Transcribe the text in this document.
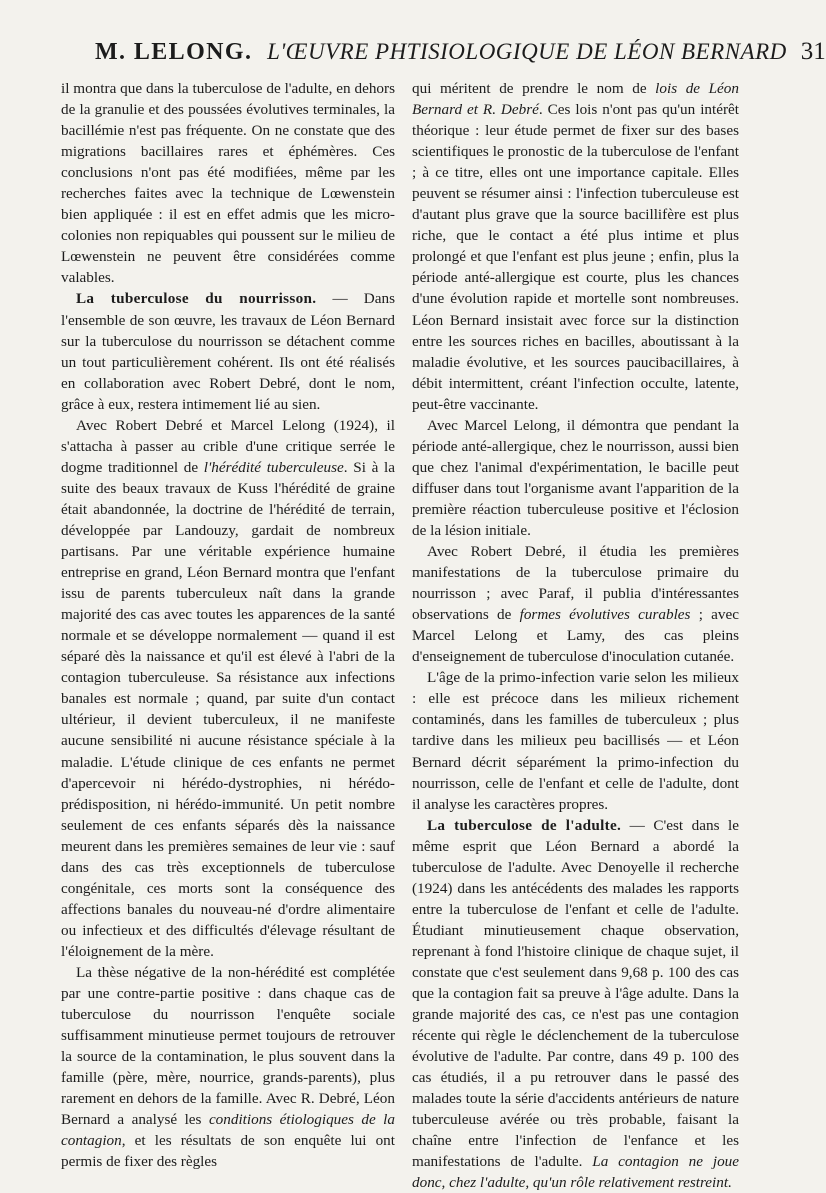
M. LELONG. L'ŒUVRE PHTISIOLOGIQUE DE LÉON BERNARD 31

il montra que dans la tuberculose de l'adulte, en dehors de la granulie et des poussées évolutives terminales, la bacillémie n'est pas fréquente. On ne constate que des migrations bacillaires rares et éphémères. Ces conclusions n'ont pas été modifiées, même par les recherches faites avec la technique de Lœwenstein bien appliquée : il est en effet admis que les micro-colonies non repiquables qui poussent sur le milieu de Lœwenstein ne peuvent être considérées comme valables.

La tuberculose du nourrisson. — Dans l'ensemble de son œuvre, les travaux de Léon Bernard sur la tuberculose du nourrisson se détachent comme un tout particulièrement cohérent. Ils ont été réalisés en collaboration avec Robert Debré, dont le nom, grâce à eux, restera intimement lié au sien.

Avec Robert Debré et Marcel Lelong (1924), il s'attacha à passer au crible d'une critique serrée le dogme traditionnel de l'hérédité tuberculeuse. Si à la suite des beaux travaux de Kuss l'hérédité de graine était abandonnée, la doctrine de l'hérédité de terrain, développée par Landouzy, gardait de nombreux partisans. Par une véritable expérience humaine entreprise en grand, Léon Bernard montra que l'enfant issu de parents tuberculeux naît dans la grande majorité des cas avec toutes les apparences de la santé normale et se développe normalement — quand il est séparé dès la naissance et qu'il est élevé à l'abri de la contagion tuberculeuse. Sa résistance aux infections banales est normale ; quand, par suite d'un contact ultérieur, il devient tuberculeux, il ne manifeste aucune sensibilité ni aucune résistance spéciale à la maladie. L'étude clinique de ces enfants ne permet d'apercevoir ni hérédo-dystrophies, ni hérédo-prédisposition, ni hérédo-immunité. Un petit nombre seulement de ces enfants séparés dès la naissance meurent dans les premières semaines de leur vie : sauf dans des cas très exceptionnels de tuberculose congénitale, ces morts sont la conséquence des affections banales du nouveau-né d'ordre alimentaire ou infectieux et des difficultés d'élevage résultant de l'éloignement de la mère.

La thèse négative de la non-hérédité est complétée par une contre-partie positive : dans chaque cas de tuberculose du nourrisson l'enquête sociale suffisamment minutieuse permet toujours de retrouver la source de la contamination, le plus souvent dans la famille (père, mère, nourrice, grands-parents), plus rarement en dehors de la famille. Avec R. Debré, Léon Bernard a analysé les conditions étiologiques de la contagion, et les résultats de son enquête lui ont permis de fixer des règles

qui méritent de prendre le nom de lois de Léon Bernard et R. Debré. Ces lois n'ont pas qu'un intérêt théorique : leur étude permet de fixer sur des bases scientifiques le pronostic de la tuberculose de l'enfant ; à ce titre, elles ont une importance capitale. Elles peuvent se résumer ainsi : l'infection tuberculeuse est d'autant plus grave que la source bacillifère est plus riche, que le contact a été plus intime et plus prolongé et que l'enfant est plus jeune ; enfin, plus la période anté-allergique est courte, plus les chances d'une évolution rapide et mortelle sont nombreuses. Léon Bernard insistait avec force sur la distinction entre les sources riches en bacilles, aboutissant à la maladie évolutive, et les sources paucibacillaires, à débit intermittent, créant l'infection occulte, latente, peut-être vaccinante.

Avec Marcel Lelong, il démontra que pendant la période anté-allergique, chez le nourrisson, aussi bien que chez l'animal d'expérimentation, le bacille peut diffuser dans tout l'organisme avant l'apparition de la première réaction tuberculeuse positive et l'éclosion de la lésion initiale.

Avec Robert Debré, il étudia les premières manifestations de la tuberculose primaire du nourrisson ; avec Paraf, il publia d'intéressantes observations de formes évolutives curables ; avec Marcel Lelong et Lamy, des cas pleins d'enseignement de tuberculose d'inoculation cutanée.

L'âge de la primo-infection varie selon les milieux : elle est précoce dans les milieux richement contaminés, dans les familles de tuberculeux ; plus tardive dans les milieux peu bacillisés — et Léon Bernard décrit séparément la primo-infection du nourrisson, celle de l'enfant et celle de l'adulte, dont il analyse les caractères propres.

La tuberculose de l'adulte. — C'est dans le même esprit que Léon Bernard a abordé la tuberculose de l'adulte. Avec Denoyelle il recherche (1924) dans les antécédents des malades les rapports entre la tuberculose de l'enfant et celle de l'adulte. Étudiant minutieusement chaque observation, reprenant à fond l'histoire clinique de chaque sujet, il constate que c'est seulement dans 9,68 p. 100 des cas que la contagion fait sa preuve à l'âge adulte. Dans la grande majorité des cas, ce n'est pas une contagion récente qui règle le déclenchement de la tuberculose évolutive de l'adulte. Par contre, dans 49 p. 100 des cas étudiés, il a pu retrouver dans le passé des malades toute la série d'accidents antérieurs de nature tuberculeuse avérée ou très probable, faisant la chaîne entre l'infection de l'enfance et les manifestations de l'adulte. La contagion ne joue donc, chez l'adulte, qu'un rôle relativement restreint.
